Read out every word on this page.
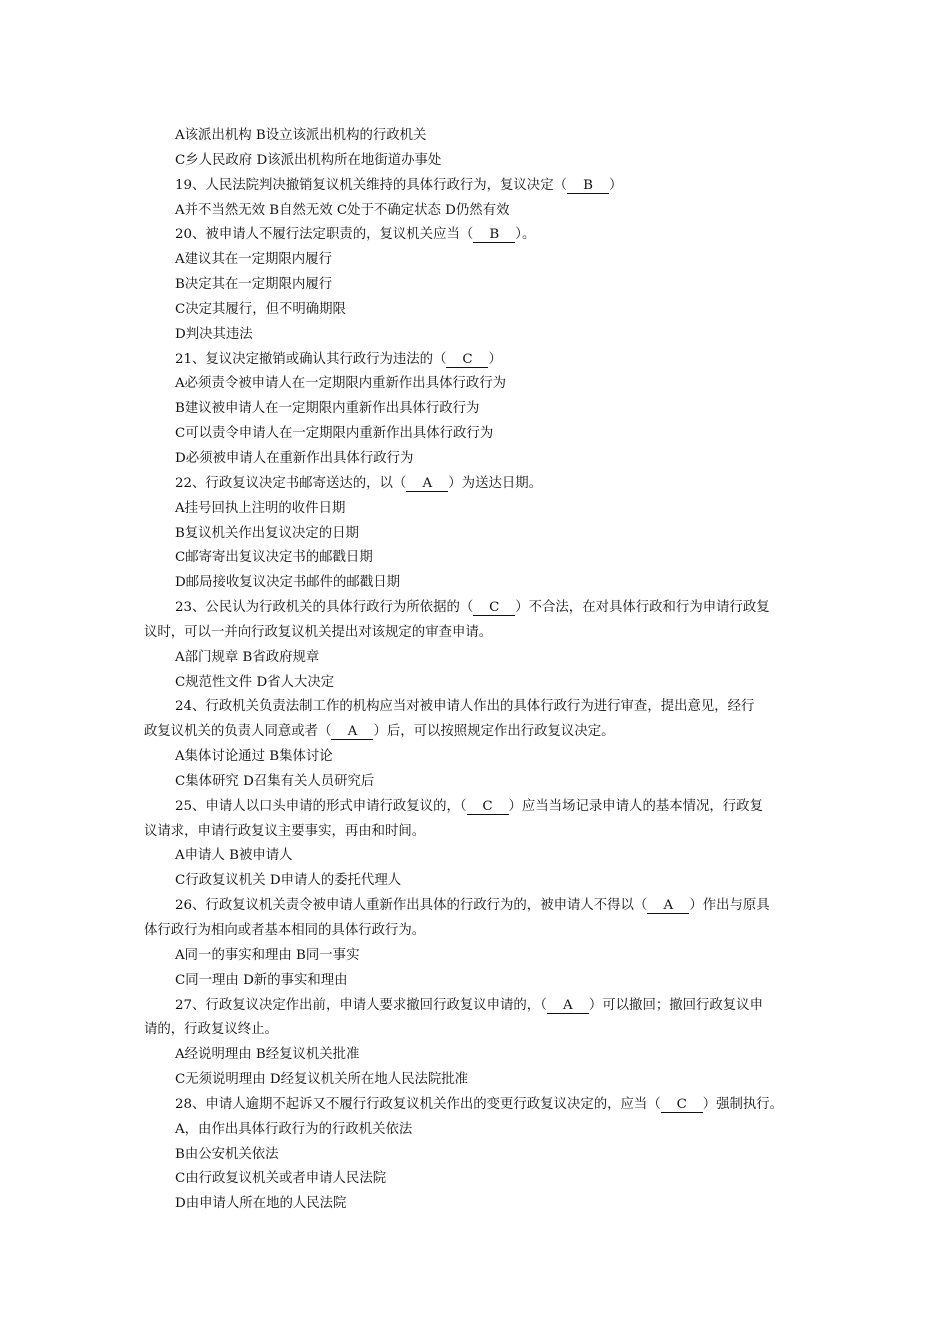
A该派出机构 B设立该派出机构的行政机关
C乡人民政府 D该派出机构所在地街道办事处
19、人民法院判决撤销复议机关维持的具体行政行为，复议决定（ B ）
A并不当然无效 B自然无效 C处于不确定状态 D仍然有效
20、被申请人不履行法定职责的，复议机关应当（ B ）。
A建议其在一定期限内履行
B决定其在一定期限内履行
C决定其履行，但不明确期限
D判决其违法
21、复议决定撤销或确认其行政行为违法的（ C ）
A必须责令被申请人在一定期限内重新作出具体行政行为
B建议被申请人在一定期限内重新作出具体行政行为
C可以责令申请人在一定期限内重新作出具体行政行为
D必须被申请人在重新作出具体行政行为
22、行政复议决定书邮寄送达的，以（ A ）为送达日期。
A挂号回执上注明的收件日期
B复议机关作出复议决定的日期
C邮寄寄出复议决定书的邮戳日期
D邮局接收复议决定书邮件的邮戳日期
23、公民认为行政机关的具体行政行为所依据的（ C ）不合法，在对具体行政和行为申请行政复
议时，可以一并向行政复议机关提出对该规定的审查申请。
A部门规章 B省政府规章
C规范性文件 D省人大决定
24、行政机关负责法制工作的机构应当对被申请人作出的具体行政行为进行审查，提出意见，经行
政复议机关的负责人同意或者（ A ）后，可以按照规定作出行政复议决定。
A集体讨论通过 B集体讨论
C集体研究 D召集有关人员研究后
25、申请人以口头申请的形式申请行政复议的，（ C ）应当当场记录申请人的基本情况，行政复
议请求，申请行政复议主要事实，再由和时间。
A申请人 B被申请人
C行政复议机关 D申请人的委托代理人
26、行政复议机关责令被申请人重新作出具体的行政行为的，被申请人不得以（ A ）作出与原具
体行政行为相向或者基本相同的具体行政行为。
A同一的事实和理由 B同一事实
C同一理由 D新的事实和理由
27、行政复议决定作出前，申请人要求撤回行政复议申请的，（ A ）可以撤回；撤回行政复议申
请的，行政复议终止。
A经说明理由 B经复议机关批准
C无须说明理由 D经复议机关所在地人民法院批准
28、申请人逾期不起诉又不履行行政复议机关作出的变更行政复议决定的，应当（ C ）强制执行。
A，由作出具体行政行为的行政机关依法
B由公安机关依法
C由行政复议机关或者申请人民法院
D由申请人所在地的人民法院
